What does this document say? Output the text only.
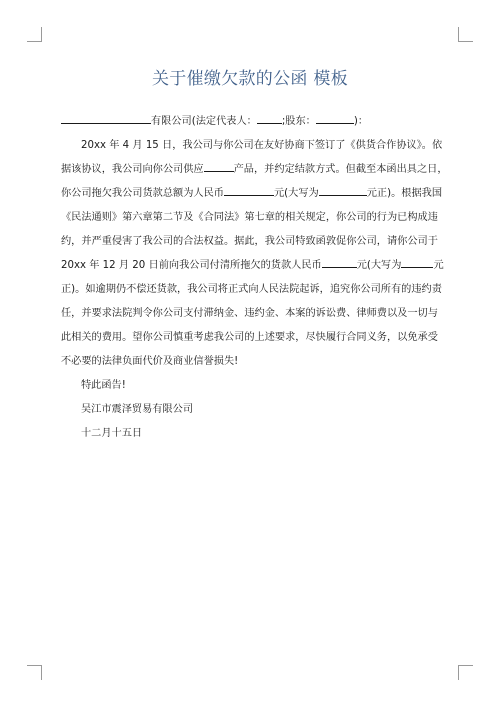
关于催缴欠款的公函 模板
有限公司(法定代表人： ;股东：	)：
20xx 年 4 月 15 日，我公司与你公司在友好协商下签订了《供货合作协议》。依
据该协议，我公司向你公司供应	产品，并约定结款方式。但截至本函出具之日，
你公司拖欠我公司货款总额为人民币	元(大写为	元正)。根据我国
《民法通则》第六章第二节及《合同法》第七章的相关规定，你公司的行为已构成违
约，并严重侵害了我公司的合法权益。据此，我公司特致函敦促你公司，请你公司于
20xx 年 12 月 20 日前向我公司付清所拖欠的货款人民币	元(大写为	元
正)。如逾期仍不偿还货款，我公司将正式向人民法院起诉，追究你公司所有的违约责
任，并要求法院判令你公司支付滞纳金、违约金、本案的诉讼费、律师费以及一切与
此相关的费用。望你公司慎重考虑我公司的上述要求，尽快履行合同义务，以免承受
不必要的法律负面代价及商业信誉损失!
特此函告!
吴江市震泽贸易有限公司
十二月十五日
